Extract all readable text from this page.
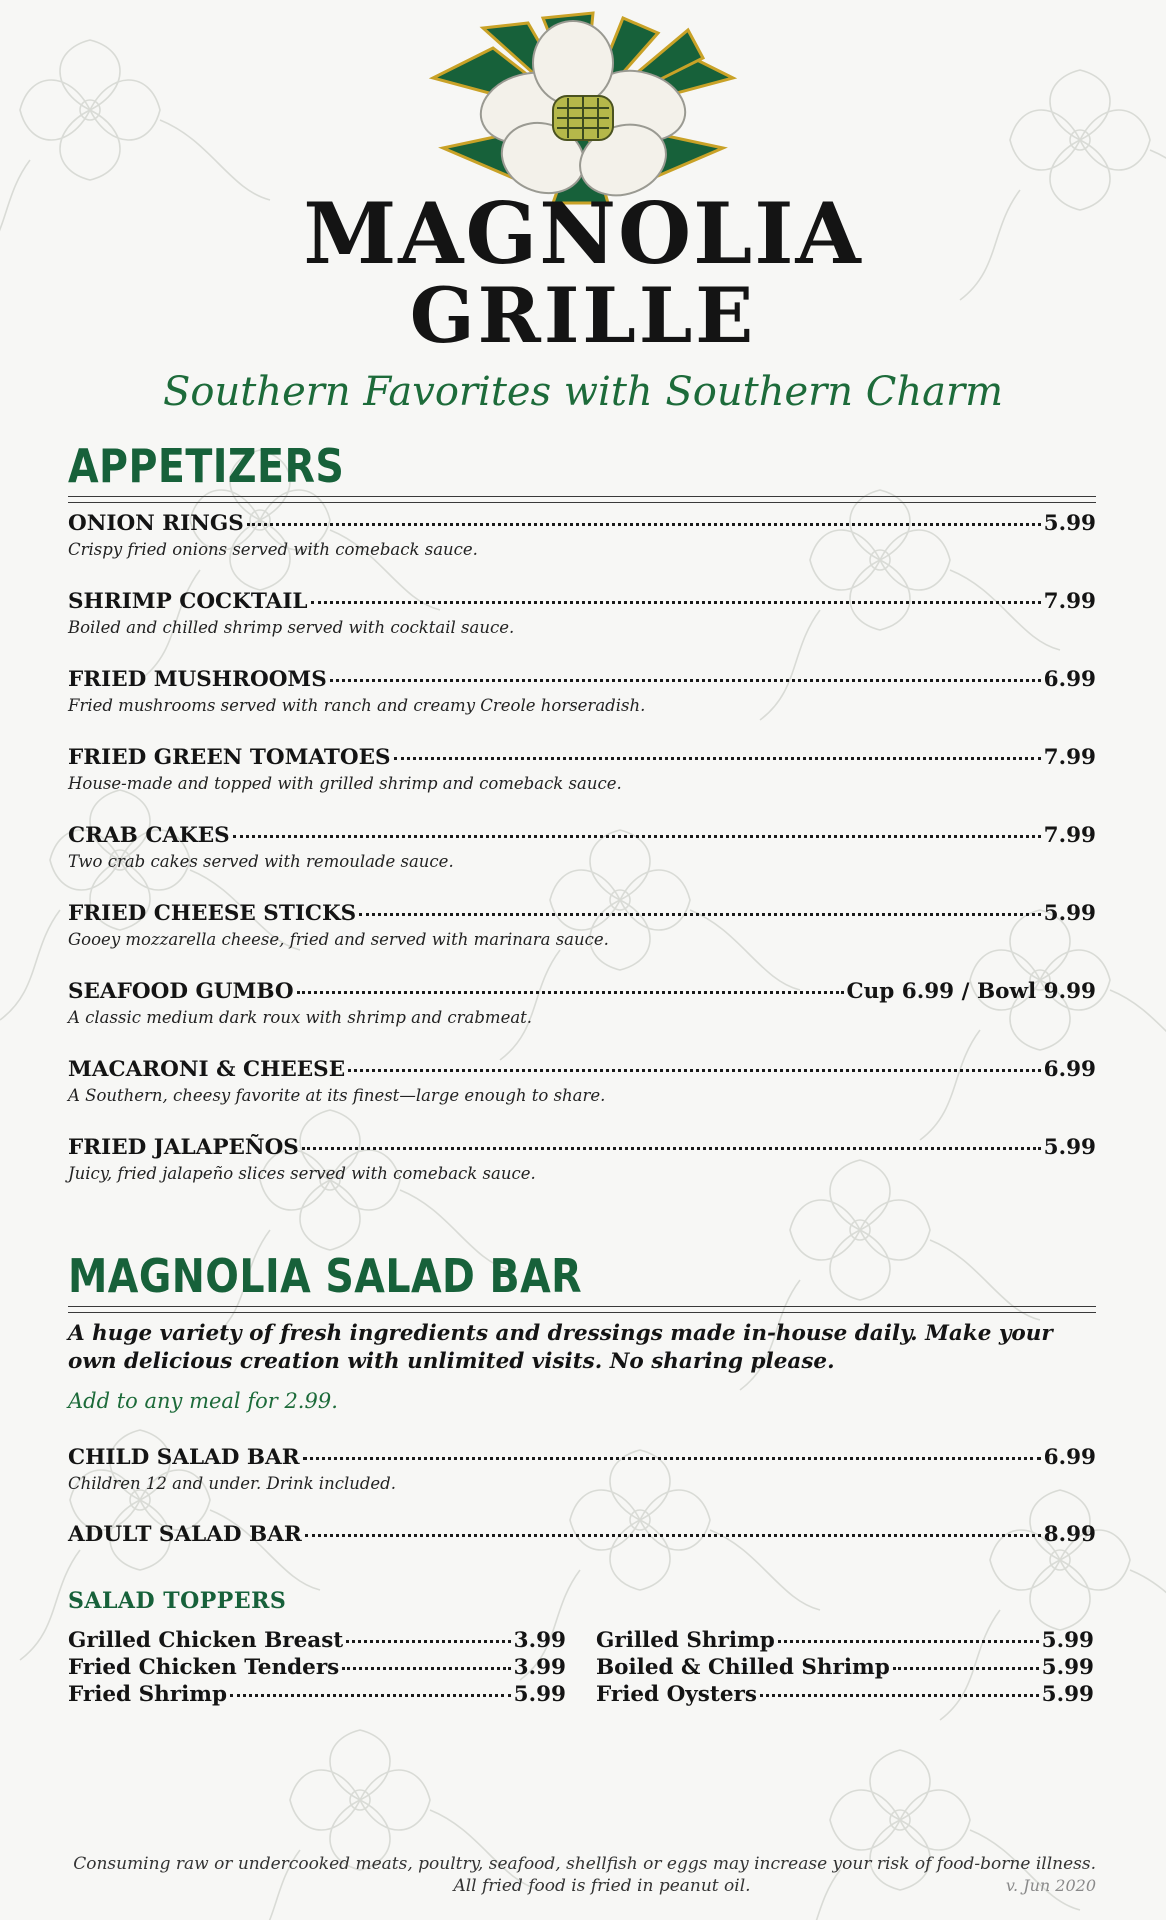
MAGNOLIA
GRILLE
Southern Favorites with Southern Charm
APPETIZERS
ONION RINGS	5.99
Crispy fried onions served with comeback sauce.
SHRIMP COCKTAIL	7.99
Boiled and chilled shrimp served with cocktail sauce.
FRIED MUSHROOMS	6.99
Fried mushrooms served with ranch and creamy Creole horseradish.
FRIED GREEN TOMATOES	7.99
House-made and topped with grilled shrimp and comeback sauce.
CRAB CAKES	7.99
Two crab cakes served with remoulade sauce.
FRIED CHEESE STICKS	5.99
Gooey mozzarella cheese, fried and served with marinara sauce.
SEAFOOD GUMBO	Cup 6.99 / Bowl 9.99
A classic medium dark roux with shrimp and crabmeat.
MACARONI & CHEESE	6.99
A Southern, cheesy favorite at its finest—large enough to share.
FRIED JALAPEÑOS	5.99
Juicy, fried jalapeño slices served with comeback sauce.
MAGNOLIA SALAD BAR
A huge variety of fresh ingredients and dressings made in-house daily. Make your own delicious creation with unlimited visits. No sharing please.
Add to any meal for 2.99.
CHILD SALAD BAR	6.99
Children 12 and under. Drink included.
ADULT SALAD BAR	8.99
SALAD TOPPERS
Grilled Chicken Breast	3.99
Fried Chicken Tenders	3.99
Fried Shrimp	5.99
Grilled Shrimp	5.99
Boiled & Chilled Shrimp	5.99
Fried Oysters	5.99
Consuming raw or undercooked meats, poultry, seafood, shellfish or eggs may increase your risk of food-borne illness.
All fried food is fried in peanut oil.	v. Jun 2020
